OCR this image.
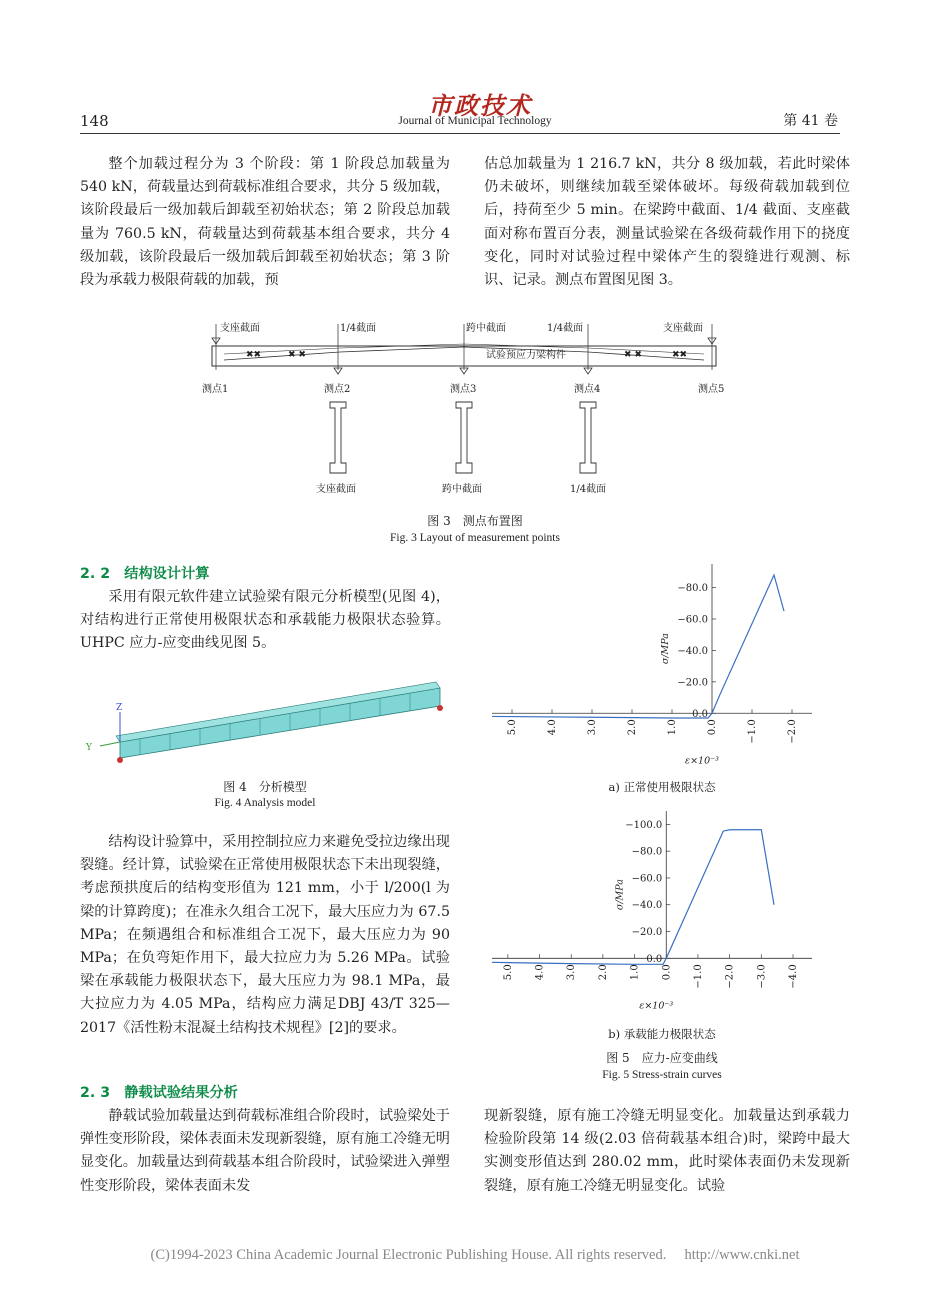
148
市政技术
Journal of Municipal Technology	第 41 卷

整个加载过程分为 3 个阶段：第 1 阶段总加载量为 540 kN，荷载量达到荷载标准组合要求，共分 5 级加载，该阶段最后一级加载后卸载至初始状态；第 2 阶段总加载量为 760.5 kN，荷载量达到荷载基本组合要求，共分 4 级加载，该阶段最后一级加载后卸载至初始状态；第 3 阶段为承载力极限荷载的加载，预

估总加载量为 1 216.7 kN，共分 8 级加载，若此时梁体仍未破坏，则继续加载至梁体破坏。每级荷载加载到位后，持荷至少 5 min。在梁跨中截面、1/4 截面、支座截面对称布置百分表，测量试验梁在各级荷载作用下的挠度变化，同时对试验过程中梁体产生的裂缝进行观测、标识、记录。测点布置图见图 3。

支座截面	1/4截面	跨中截面	1/4截面	支座截面
试验预应力梁构件
✖✖	✖ ✖	✖ ✖	✖✖
测点1	测点2	测点3	测点4	测点5
支座截面	跨中截面	1/4截面
图 3　测点布置图
Fig. 3 Layout of measurement points
2. 2　结构设计计算

采用有限元软件建立试验梁有限元分析模型(见图 4)，对结构进行正常使用极限状态和承载能力极限状态验算。UHPC 应力-应变曲线见图 5。

Z
Y
图 4　分析模型
Fig. 4 Analysis model

结构设计验算中，采用控制拉应力来避免受拉边缘出现裂缝。经计算，试验梁在正常使用极限状态下未出现裂缝，考虑预拱度后的结构变形值为 121 mm，小于 l/200(l 为梁的计算跨度)；在准永久组合工况下，最大压应力为 67.5 MPa；在频遇组合和标准组合工况下，最大压应力为 90 MPa；在负弯矩作用下，最大拉应力为 5.26 MPa。试验梁在承载能力极限状态下，最大压应力为 98.1 MPa，最大拉应力为 4.05 MPa，结构应力满足DBJ 43/T 325—2017《活性粉末混凝土结构技术规程》[2]的要求。

2. 3　静载试验结果分析

静载试验加载量达到荷载标准组合阶段时，试验梁处于弹性变形阶段，梁体表面未发现新裂缝，原有施工冷缝无明显变化。加载量达到荷载基本组合阶段时，试验梁进入弹塑性变形阶段，梁体表面未发

0.0
−20.0
−40.0
−60.0
−80.0
5.0	4.0	3.0	2.0	1.0	0.0	−1.0	−2.0
σ/MPa
ε×10⁻³
a) 正常使用极限状态
0.0
−20.0
−40.0
−60.0
−80.0
−100.0
5.0 4.0 3.0 2.0 1.0 0.0 −1.0 −2.0 −3.0 −4.0
σ/MPa
ε×10⁻³
b) 承载能力极限状态
图 5　应力-应变曲线
Fig. 5 Stress-strain curves

现新裂缝，原有施工冷缝无明显变化。加载量达到承载力检验阶段第 14 级(2.03 倍荷载基本组合)时，梁跨中最大实测变形值达到 280.02 mm，此时梁体表面仍未发现新裂缝，原有施工冷缝无明显变化。试验

(C)1994-2023 China Academic Journal Electronic Publishing House. All rights reserved.　 http://www.cnki.net
